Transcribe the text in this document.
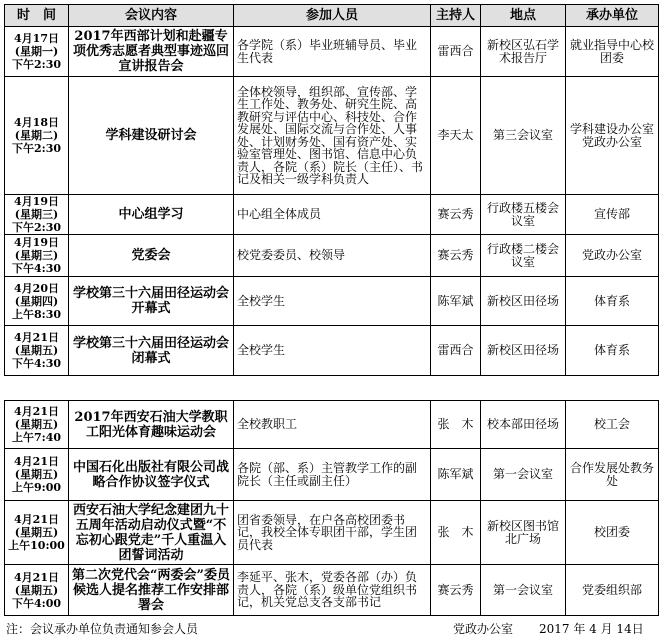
时　间	会议内容	参加人员	主持人	地点	承办单位

4月17日
(星期一)
下午2:30	2017年西部计划和赴疆专项优秀志愿者典型事迹巡回宣讲报告会	各学院（系）毕业班辅导员、毕业生代表	雷西合	新校区弘石学术报告厅	就业指导中心校团委

4月18日
(星期二)
下午2:30	学科建设研讨会	全体校领导，组织部、宣传部、学生工作处、教务处、研究生院、高教研究与评估中心、科技处、合作发展处、国际交流与合作处、人事处、计划财务处、国有资产处、实验室管理处、图书馆、信息中心负责人，各院（系）院长（主任）、书记及相关一级学科负责人	李天太	第三会议室	学科建设办公室党政办公室

4月19日
(星期三)
下午2:30	中心组学习	中心组全体成员	赛云秀	行政楼五楼会议室	宣传部

4月19日
(星期三)
下午4:30	党委会	校党委委员、校领导	赛云秀	行政楼二楼会议室	党政办公室

4月20日
(星期四)
上午8:30	学校第三十六届田径运动会开幕式	全校学生	陈军斌	新校区田径场	体育系

4月21日
(星期五)
下午4:30	学校第三十六届田径运动会闭幕式	全校学生	雷西合	新校区田径场	体育系
4月21日
(星期五)
上午7:40	2017年西安石油大学教职工阳光体育趣味运动会	全校教职工	张　木	校本部田径场	校工会

4月21日
(星期五)
上午9:00	中国石化出版社有限公司战略合作协议签字仪式	各院（部、系）主管教学工作的副院长（主任或副主任）	陈军斌	第一会议室	合作发展处教务处

4月21日
(星期五)
上午10:00	西安石油大学纪念建团九十五周年活动启动仪式暨“不忘初心跟党走”千人重温入团誓词活动	团省委领导，在户各高校团委书记，我校全体专职团干部，学生团员代表	张　木	新校区图书馆北广场	校团委

4月21日
(星期五)
下午4:00	第二次党代会“两委会”委员候选人提名推荐工作安排部署会	李延平、张木，党委各部（办）负责人，各院（系）级单位党组织书记，机关党总支各支部书记	赛云秀	第一会议室	党委组织部
注：会议承办单位负责通知参会人员	党政办公室 2017 年 4 月 14日
